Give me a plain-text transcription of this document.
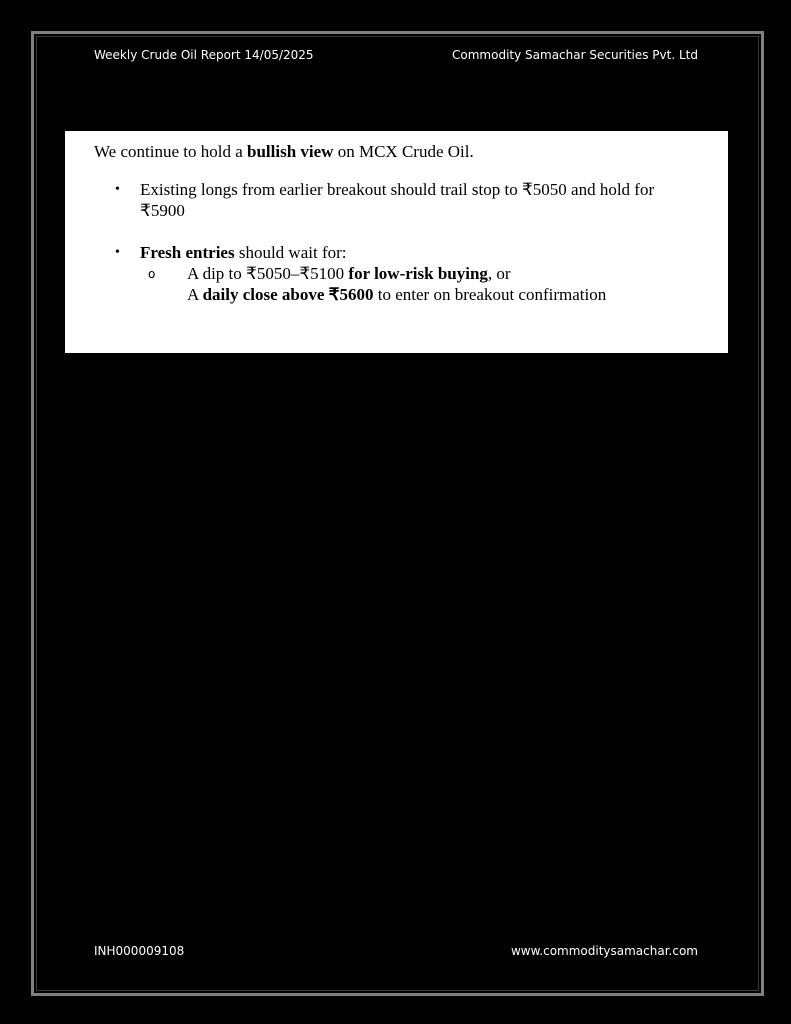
Weekly Crude Oil Report 14/05/2025	Commodity Samachar Securities Pvt. Ltd
We continue to hold a bullish view on MCX Crude Oil.
• Existing longs from earlier breakout should trail stop to ₹5050 and hold for ₹5900
• Fresh entries should wait for:
o A dip to ₹5050–₹5100 for low-risk buying, or
A daily close above ₹5600 to enter on breakout confirmation
INH000009108	www.commoditysamachar.com
